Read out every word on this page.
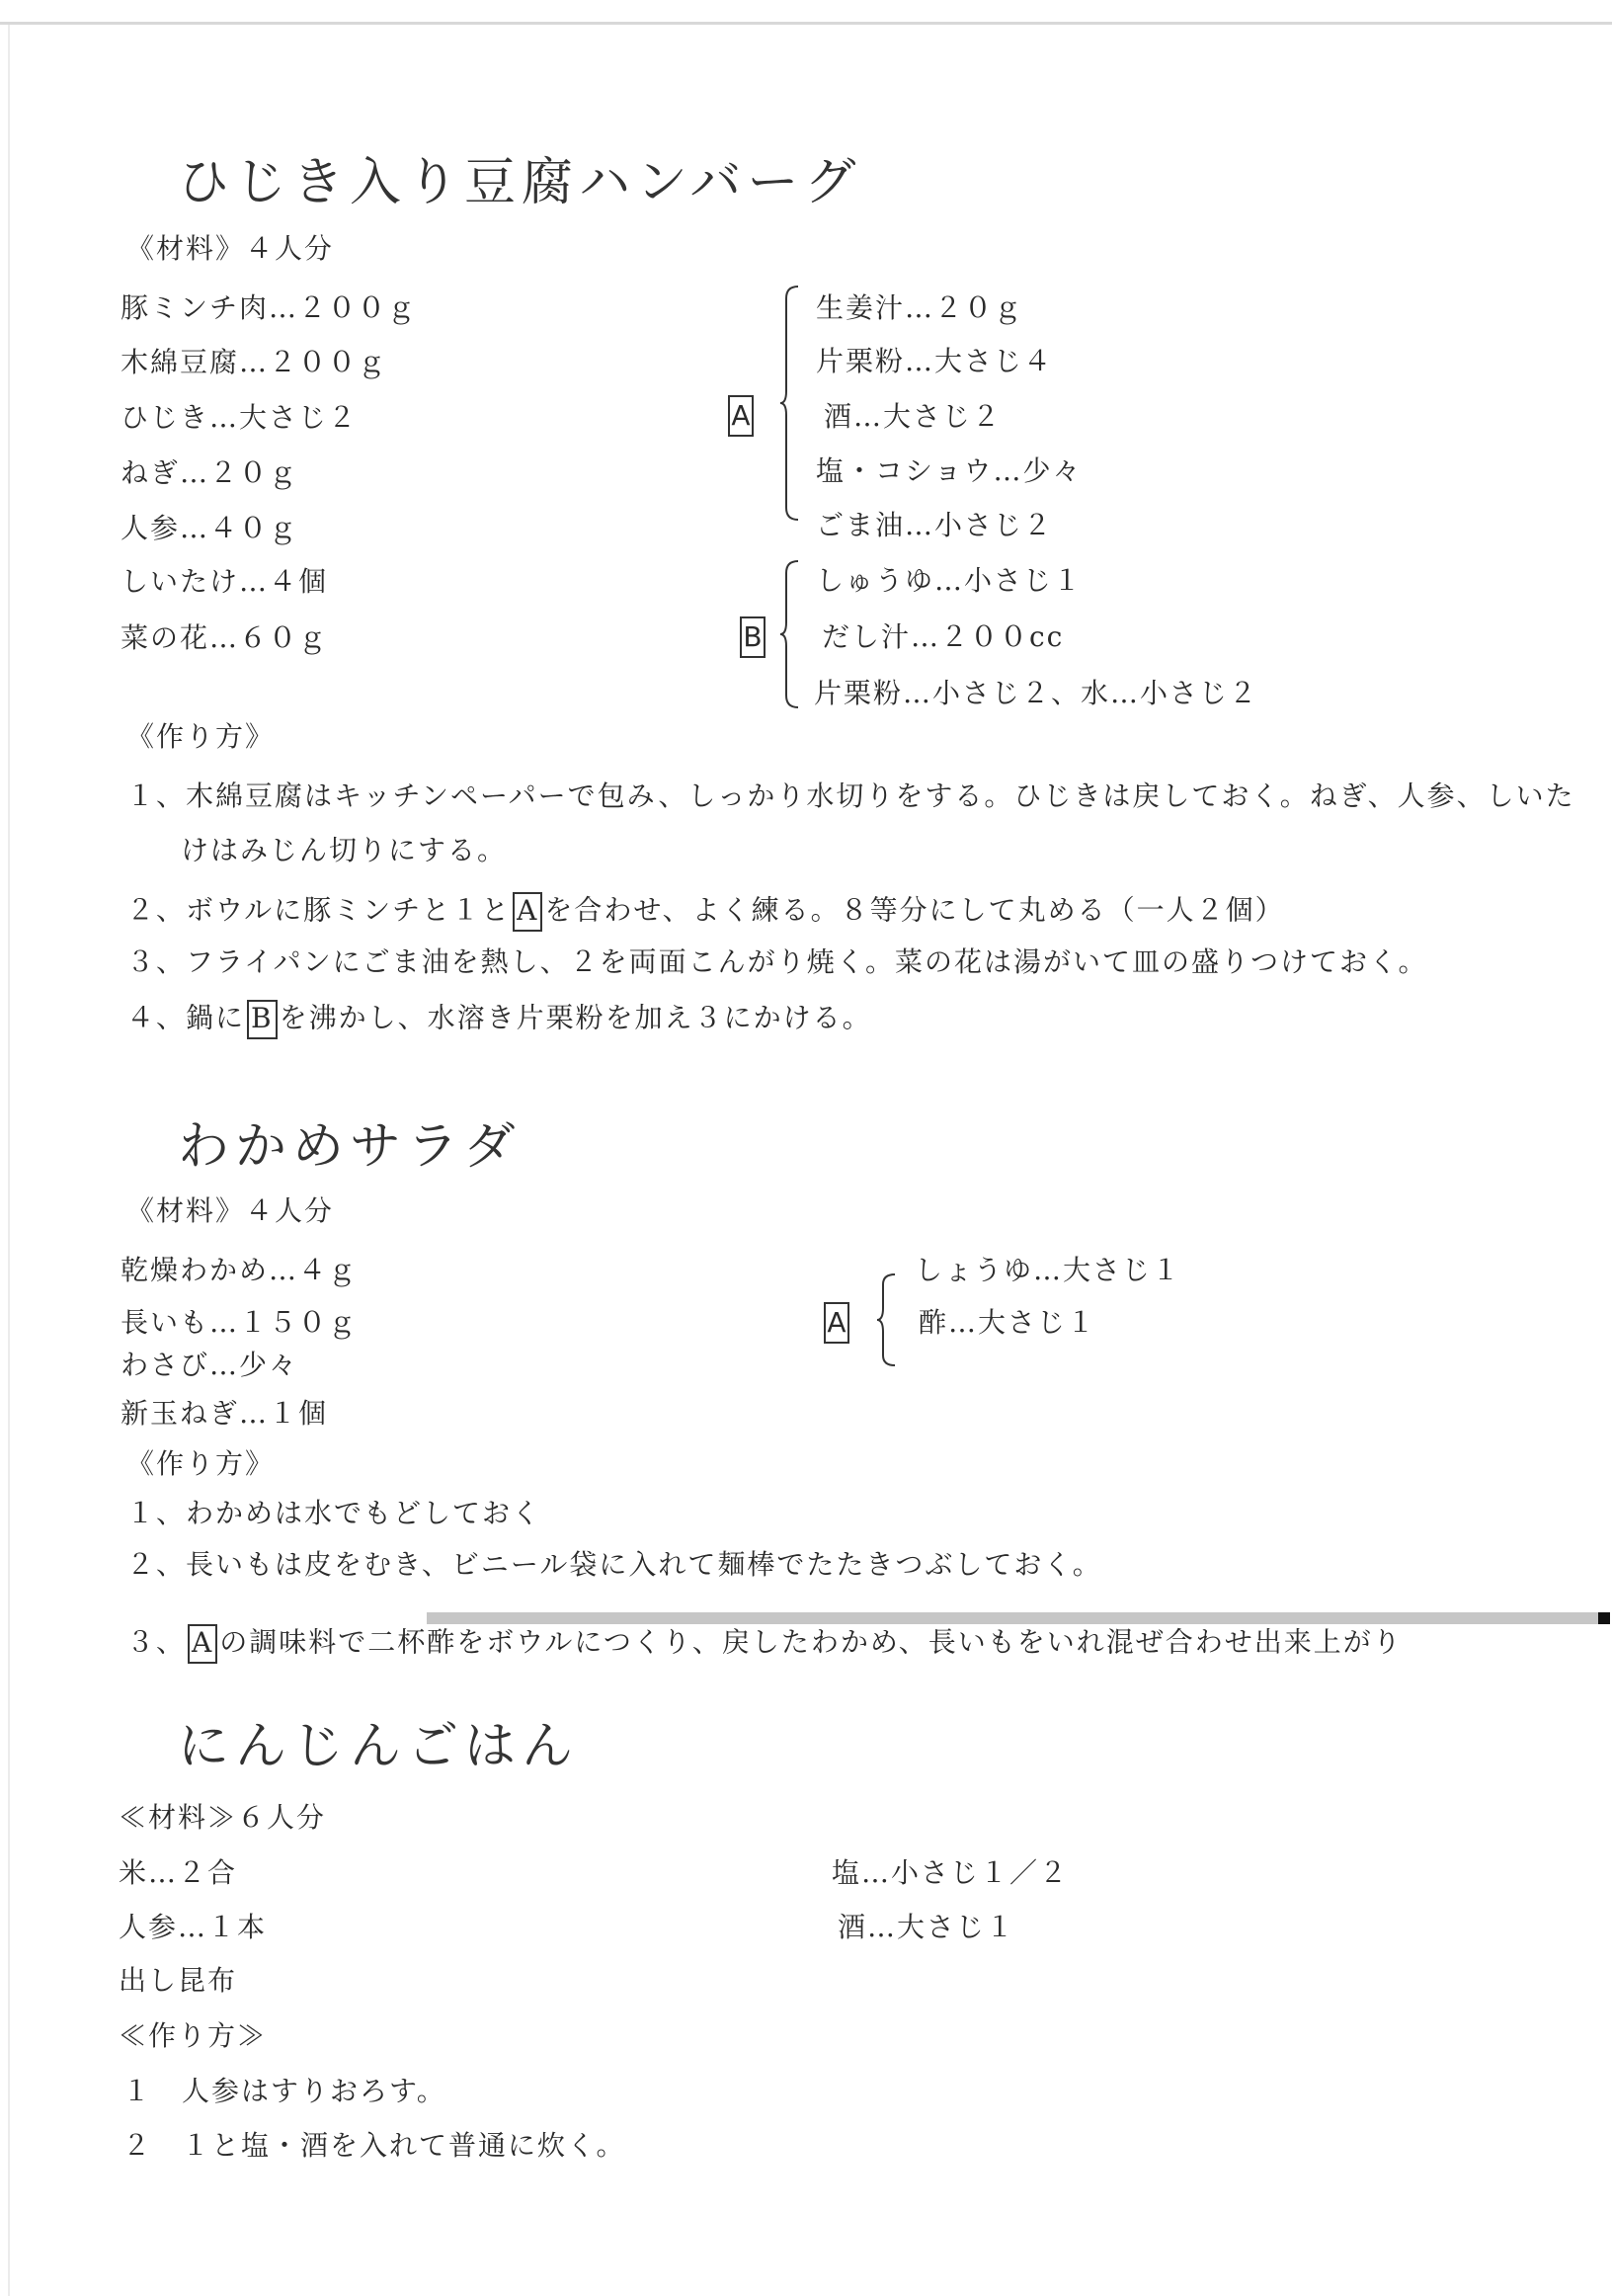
ひじき入り豆腐ハンバーグ
《材料》４人分
豚ミンチ肉…２００ｇ
木綿豆腐…２００ｇ
ひじき…大さじ２
ねぎ…２０ｇ
人参…４０ｇ
しいたけ…４個
菜の花…６０ｇ
A
生姜汁…２０ｇ
片栗粉…大さじ４
酒…大さじ２
塩・コショウ…少々
ごま油…小さじ２
B
しゅうゆ…小さじ１
だし汁…２００cc
片栗粉…小さじ２、水…小さじ２
《作り方》
１、木綿豆腐はキッチンペーパーで包み、しっかり水切りをする。ひじきは戻しておく。ねぎ、人参、しいた
けはみじん切りにする。
２、ボウルに豚ミンチと１と A を合わせ、よく練る。８等分にして丸める（一人２個）
３、フライパンにごま油を熱し、２を両面こんがり焼く。菜の花は湯がいて皿の盛りつけておく。
４、鍋に B を沸かし、水溶き片栗粉を加え３にかける。
わかめサラダ
《材料》４人分
乾燥わかめ…４ｇ
長いも…１５０ｇ
わさび…少々
新玉ねぎ…１個
A
しょうゆ…大さじ１
酢…大さじ１
《作り方》
１、わかめは水でもどしておく
２、長いもは皮をむき、ビニール袋に入れて麺棒でたたきつぶしておく。
３、 A の調味料で二杯酢をボウルにつくり、戻したわかめ、長いもをいれ混ぜ合わせ出来上がり
にんじんごはん
≪材料≫６人分
米…２合
人参…１本
出し昆布
塩…小さじ１／２
酒…大さじ１
≪作り方≫
１　人参はすりおろす。
２　１と塩・酒を入れて普通に炊く。
